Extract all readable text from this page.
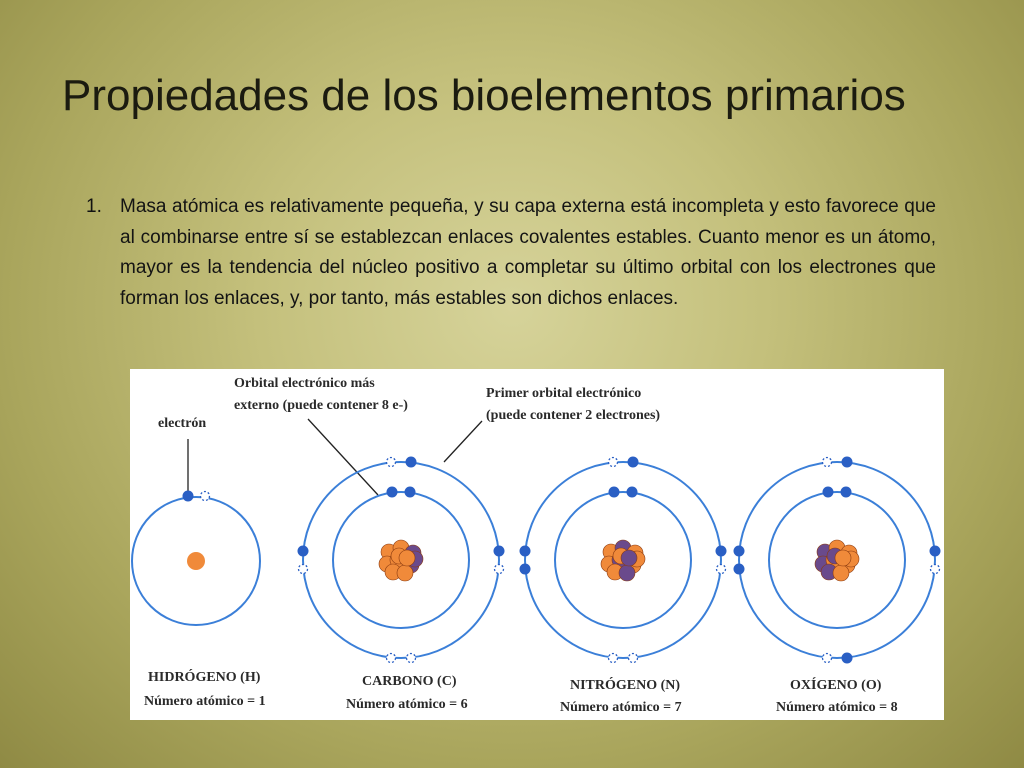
Propiedades de los bioelementos primarios
1. Masa atómica es relativamente pequeña, y su capa externa está incompleta y esto favorece que al combinarse entre sí se establezcan enlaces covalentes estables. Cuanto menor es un átomo, mayor es la tendencia del núcleo positivo a completar su último orbital con los electrones que forman los enlaces, y, por tanto, más estables son dichos enlaces.
electrón
Orbital electrónico más
externo (puede contener 8 e-)
Primer orbital electrónico
(puede contener 2 electrones)
HIDRÓGENO (H)
Número atómico = 1
CARBONO (C)
Número atómico = 6
NITRÓGENO (N)
Número atómico = 7
OXÍGENO (O)
Número atómico = 8
